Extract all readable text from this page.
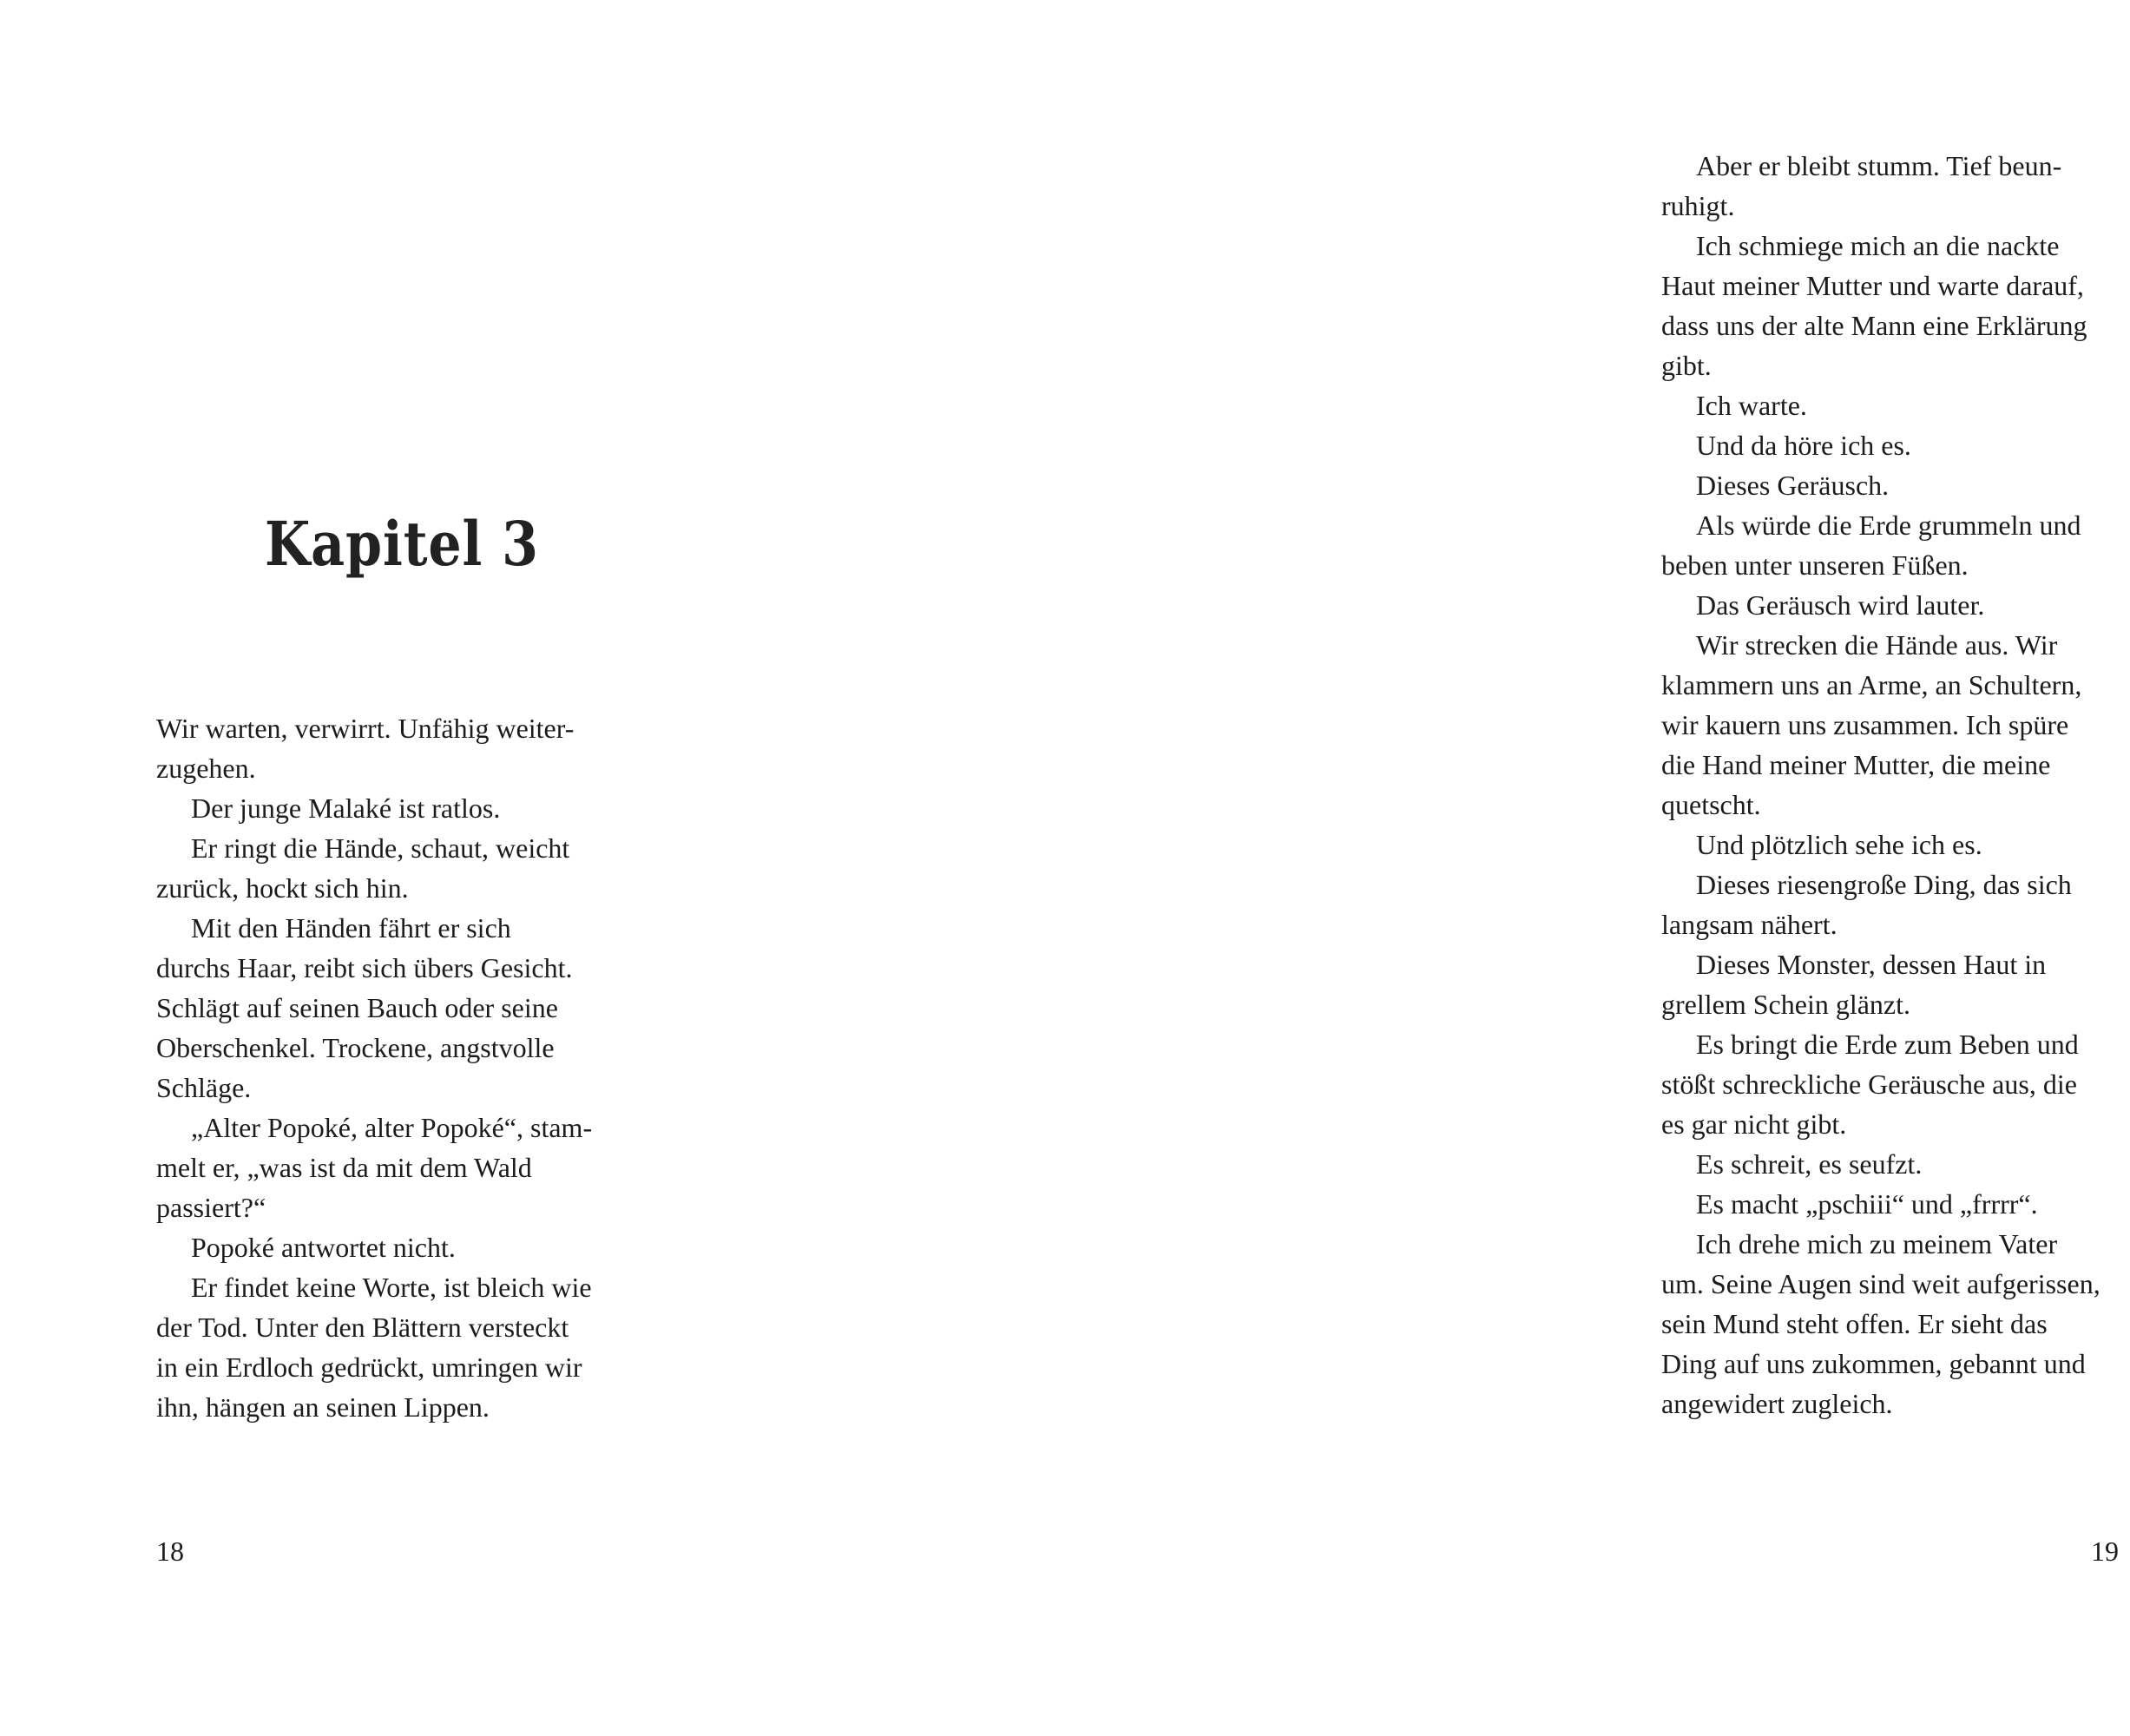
Kapitel 3
Wir warten, verwirrt. Unfähig weiter-
zugehen.
Der junge Malaké ist ratlos.
Er ringt die Hände, schaut, weicht
zurück, hockt sich hin.
Mit den Händen fährt er sich
durchs Haar, reibt sich übers Gesicht.
Schlägt auf seinen Bauch oder seine
Oberschenkel. Trockene, angstvolle
Schläge.
„Alter Popoké, alter Popoké“, stam-
melt er, „was ist da mit dem Wald
passiert?“
Popoké antwortet nicht.
Er findet keine Worte, ist bleich wie
der Tod. Unter den Blättern versteckt
in ein Erdloch gedrückt, umringen wir
ihn, hängen an seinen Lippen.
18
Aber er bleibt stumm. Tief beun-
ruhigt.
Ich schmiege mich an die nackte
Haut meiner Mutter und warte darauf,
dass uns der alte Mann eine Erklärung
gibt.
Ich warte.
Und da höre ich es.
Dieses Geräusch.
Als würde die Erde grummeln und
beben unter unseren Füßen.
Das Geräusch wird lauter.
Wir strecken die Hände aus. Wir
klammern uns an Arme, an Schultern,
wir kauern uns zusammen. Ich spüre
die Hand meiner Mutter, die meine
quetscht.
Und plötzlich sehe ich es.
Dieses riesengroße Ding, das sich
langsam nähert.
Dieses Monster, dessen Haut in
grellem Schein glänzt.
Es bringt die Erde zum Beben und
stößt schreckliche Geräusche aus, die
es gar nicht gibt.
Es schreit, es seufzt.
Es macht „pschiii“ und „frrrr“.
Ich drehe mich zu meinem Vater
um. Seine Augen sind weit aufgerissen,
sein Mund steht offen. Er sieht das
Ding auf uns zukommen, gebannt und
angewidert zugleich.
19
